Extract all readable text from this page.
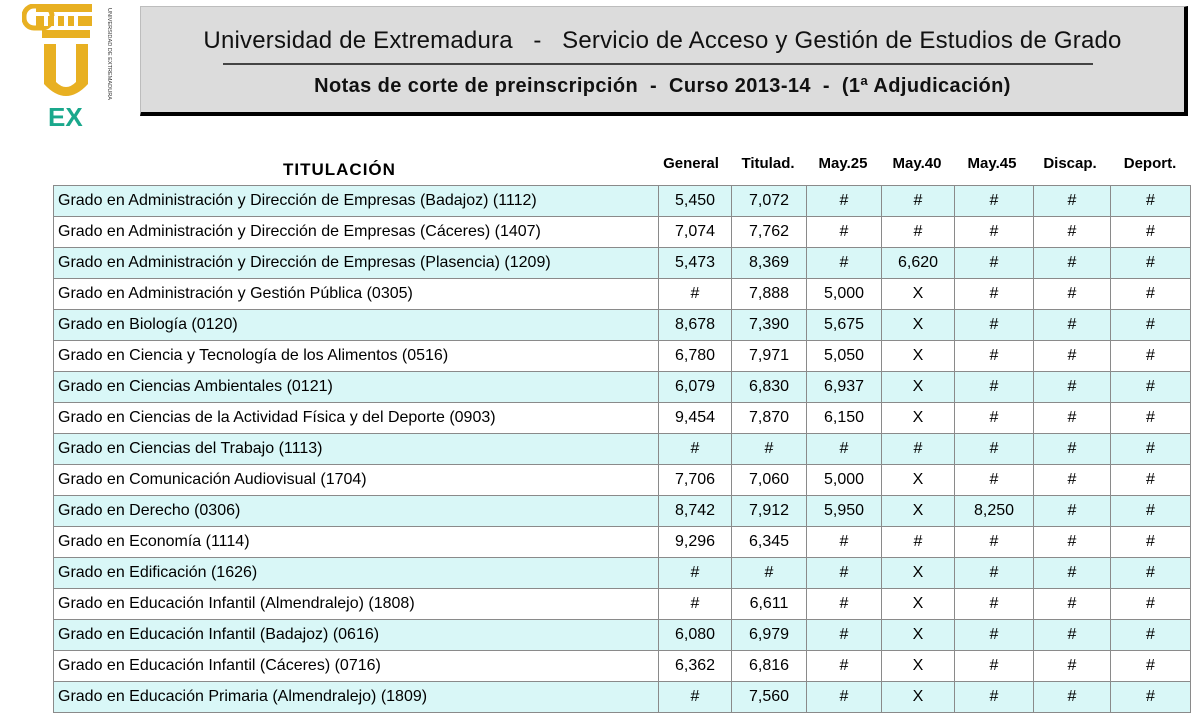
EX
UNIVERSIDAD DE EXTREMADURA	Universidad de Extremadura   -   Servicio de Acceso y Gestión de Estudios de Grado
Notas de corte de preinscripción  -  Curso 2013-14  -  (1ª Adjudicación)
TITULACIÓN	General	Titulad.	May.25	May.40	May.45	Discap.	Deport.
Grado en Administración y Dirección de Empresas (Badajoz) (1112)	5,450	7,072	#	#	#	#	#
Grado en Administración y Dirección de Empresas (Cáceres) (1407)	7,074	7,762	#	#	#	#	#
Grado en Administración y Dirección de Empresas (Plasencia) (1209)	5,473	8,369	#	6,620	#	#	#
Grado en Administración y Gestión Pública (0305)	#	7,888	5,000	X	#	#	#
Grado en Biología (0120)	8,678	7,390	5,675	X	#	#	#
Grado en Ciencia y Tecnología de los Alimentos (0516)	6,780	7,971	5,050	X	#	#	#
Grado en Ciencias Ambientales (0121)	6,079	6,830	6,937	X	#	#	#
Grado en Ciencias de la Actividad Física y del Deporte (0903)	9,454	7,870	6,150	X	#	#	#
Grado en Ciencias del Trabajo (1113)	#	#	#	#	#	#	#
Grado en Comunicación Audiovisual (1704)	7,706	7,060	5,000	X	#	#	#
Grado en Derecho (0306)	8,742	7,912	5,950	X	8,250	#	#
Grado en Economía (1114)	9,296	6,345	#	#	#	#	#
Grado en Edificación (1626)	#	#	#	X	#	#	#
Grado en Educación Infantil (Almendralejo) (1808)	#	6,611	#	X	#	#	#
Grado en Educación Infantil (Badajoz) (0616)	6,080	6,979	#	X	#	#	#
Grado en Educación Infantil (Cáceres) (0716)	6,362	6,816	#	X	#	#	#
Grado en Educación Primaria (Almendralejo) (1809)	#	7,560	#	X	#	#	#
